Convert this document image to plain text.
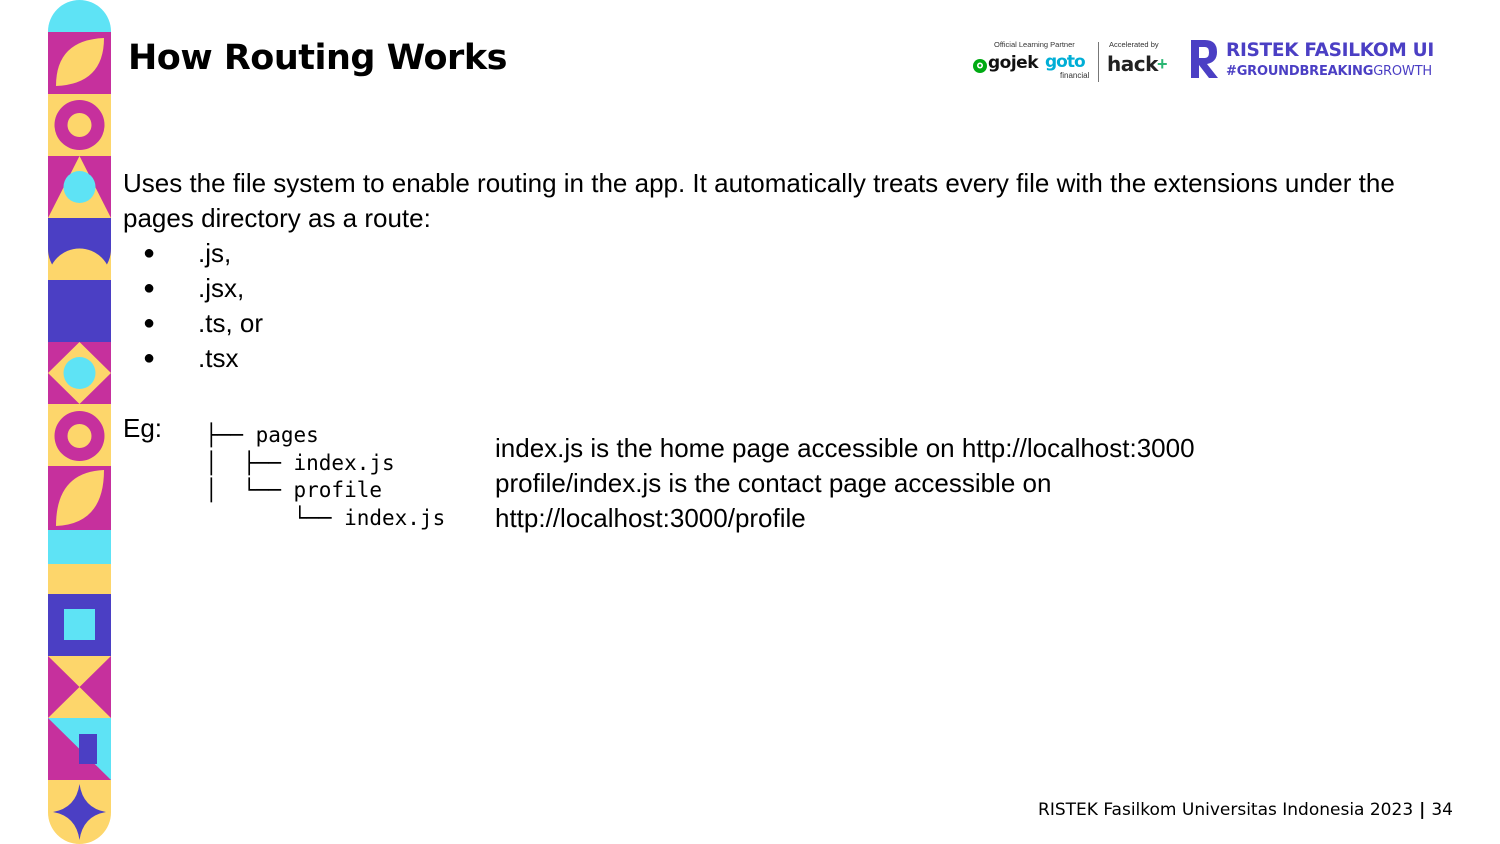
How Routing Works	Official Learning Partner	Accelerated by
gojek goto
financial hack +
RISTEK FASILKOM UI
#GROUNDBREAKINGGROWTH

Uses the file system to enable routing in the app. It automatically treats every file with the extensions under the pages directory as a route:

● .js,
● .jsx,
● .ts, or
● .tsx
Eg: ├── pages
│  ├── index.js
│  └── profile
└── index.js
index.js is the home page accessible on http://localhost:3000
profile/index.js is the contact page accessible on
http://localhost:3000/profile
RISTEK Fasilkom Universitas Indonesia 2023 | 34
